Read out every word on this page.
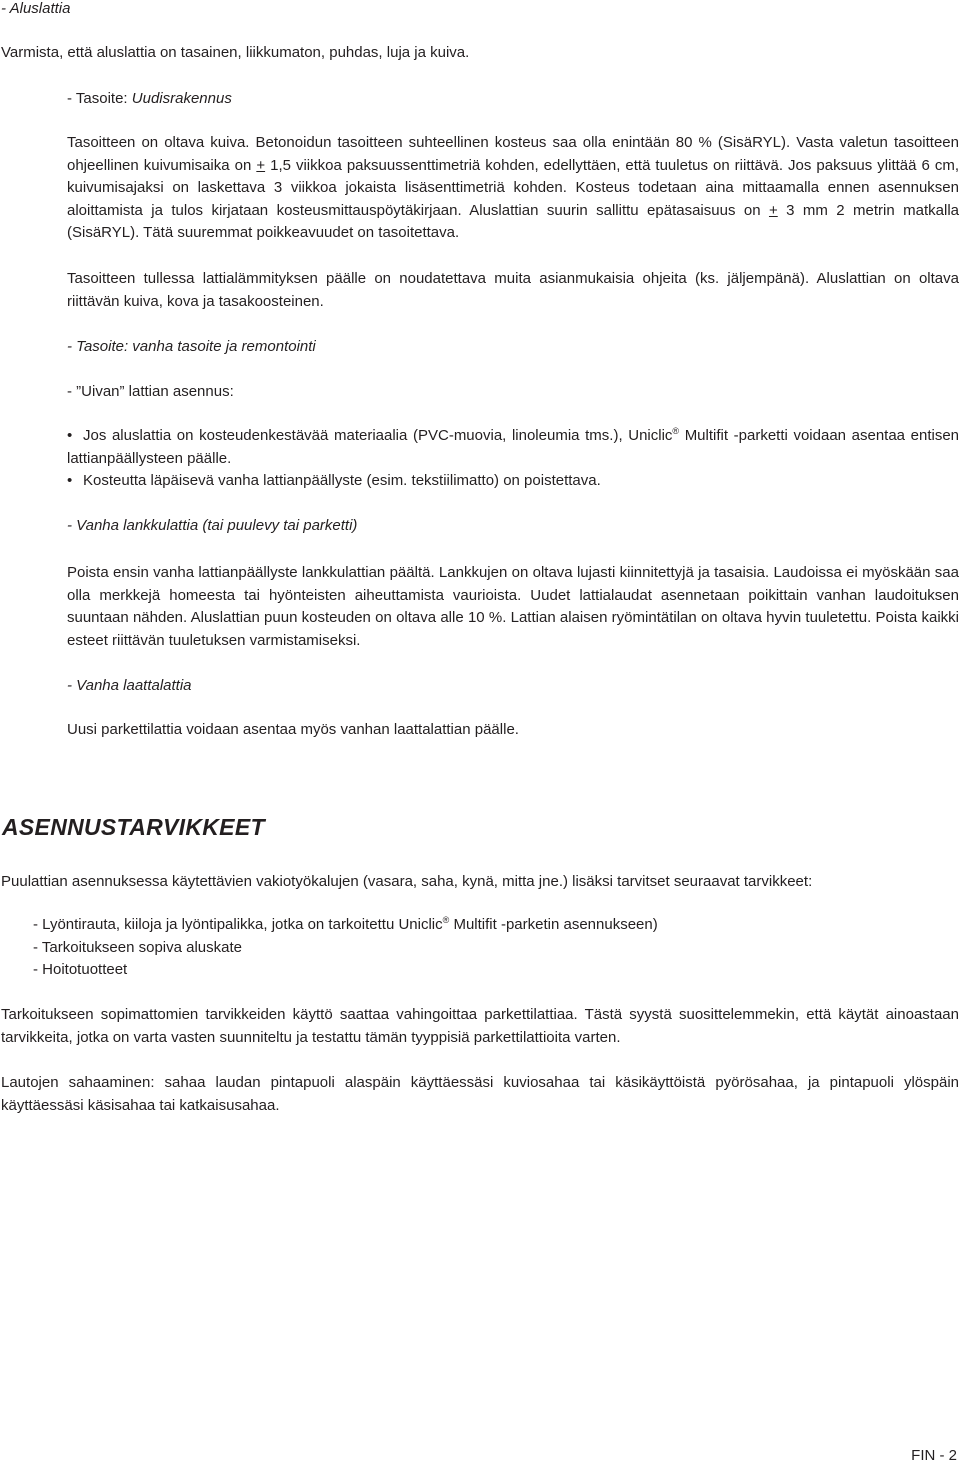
- Aluslattia

Varmista, että aluslattia on tasainen, liikkumaton, puhdas, luja ja kuiva.

- Tasoite: Uudisrakennus

Tasoitteen on oltava kuiva. Betonoidun tasoitteen suhteellinen kosteus saa olla enintään 80 % (SisäRYL). Vasta valetun tasoitteen ohjeellinen kuivumisaika on + 1,5 viikkoa paksuussenttimetriä kohden, edellyttäen, että tuuletus on riittävä. Jos paksuus ylittää 6 cm, kuivumisajaksi on laskettava 3 viikkoa jokaista lisäsenttimetriä kohden. Kosteus todetaan aina mittaamalla ennen asennuksen aloittamista ja tulos kirjataan kosteusmittauspöytäkirjaan. Aluslattian suurin sallittu epätasaisuus on + 3 mm 2 metrin matkalla (SisäRYL). Tätä suuremmat poikkeavuudet on tasoitettava.

Tasoitteen tullessa lattialämmityksen päälle on noudatettava muita asianmukaisia ohjeita (ks. jäljempänä). Aluslattian on oltava riittävän kuiva, kova ja tasakoosteinen.

- Tasoite: vanha tasoite ja remontointi

- ”Uivan” lattian asennus:

• Jos aluslattia on kosteudenkestävää materiaalia (PVC-muovia, linoleumia tms.), Uniclic® Multifit -parketti voidaan asentaa entisen lattianpäällysteen päälle.
• Kosteutta läpäisevä vanha lattianpäällyste (esim. tekstiilimatto) on poistettava.

- Vanha lankkulattia (tai puulevy tai parketti)

Poista ensin vanha lattianpäällyste lankkulattian päältä. Lankkujen on oltava lujasti kiinnitettyjä ja tasaisia. Laudoissa ei myöskään saa olla merkkejä homeesta tai hyönteisten aiheuttamista vaurioista. Uudet lattialaudat asennetaan poikittain vanhan laudoituksen suuntaan nähden. Aluslattian puun kosteuden on oltava alle 10 %. Lattian alaisen ryömintätilan on oltava hyvin tuuletettu. Poista kaikki esteet riittävän tuuletuksen varmistamiseksi.

- Vanha laattalattia

Uusi parkettilattia voidaan asentaa myös vanhan laattalattian päälle.

ASENNUSTARVIKKEET

Puulattian asennuksessa käytettävien vakiotyökalujen (vasara, saha, kynä, mitta jne.) lisäksi tarvitset seuraavat tarvikkeet:

- Lyöntirauta, kiiloja ja lyöntipalikka, jotka on tarkoitettu Uniclic® Multifit -parketin asennukseen)
- Tarkoitukseen sopiva aluskate
- Hoitotuotteet

Tarkoitukseen sopimattomien tarvikkeiden käyttö saattaa vahingoittaa parkettilattiaa. Tästä syystä suosittelemmekin, että käytät ainoastaan tarvikkeita, jotka on varta vasten suunniteltu ja testattu tämän tyyppisiä parkettilattioita varten.

Lautojen sahaaminen: sahaa laudan pintapuoli alaspäin käyttäessäsi kuviosahaa tai käsikäyttöistä pyörösahaa, ja pintapuoli ylöspäin käyttäessäsi käsisahaa tai katkaisusahaa.

FIN - 2
